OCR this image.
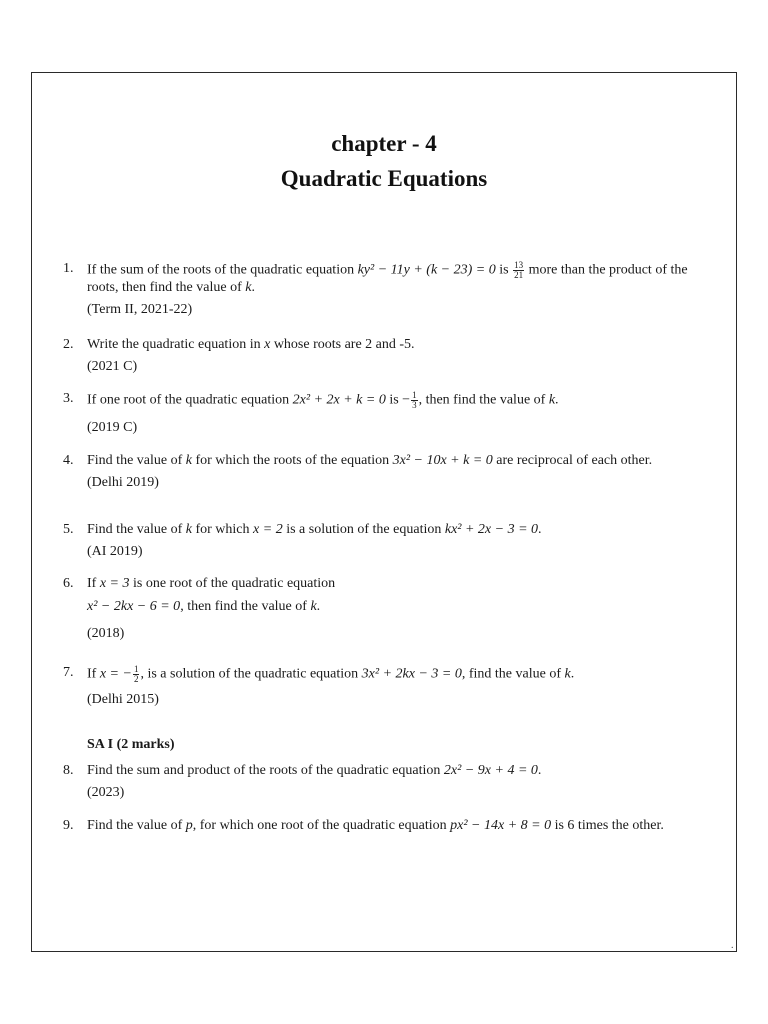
chapter - 4
Quadratic Equations
1. If the sum of the roots of the quadratic equation ky² − 11y + (k − 23) = 0 is $\frac{13}{21}$ more than the product of the roots, then find the value of k.
(Term II, 2021-22)
2. Write the quadratic equation in x whose roots are 2 and -5.
(2021 C)
3. If one root of the quadratic equation 2x² + 2x + k = 0 is − $\frac{1}{3}$ , then find the value of k.
(2019 C)
4. Find the value of k for which the roots of the equation 3x² − 10x + k = 0 are reciprocal of each other.
(Delhi 2019)
5. Find the value of k for which x = 2 is a solution of the equation kx² + 2x − 3 = 0.
(AI 2019)
6. If x = 3 is one root of the quadratic equation
x² − 2kx − 6 = 0, then find the value of k.
(2018)
7. If x = − $\frac{1}{2}$ , is a solution of the quadratic equation 3x² + 2kx − 3 = 0, find the value of k.
(Delhi 2015)
SA I (2 marks)
8. Find the sum and product of the roots of the quadratic equation 2x² − 9x + 4 = 0.
(2023)
9. Find the value of p, for which one root of the quadratic equation px² − 14x + 8 = 0 is 6 times the other.
.
